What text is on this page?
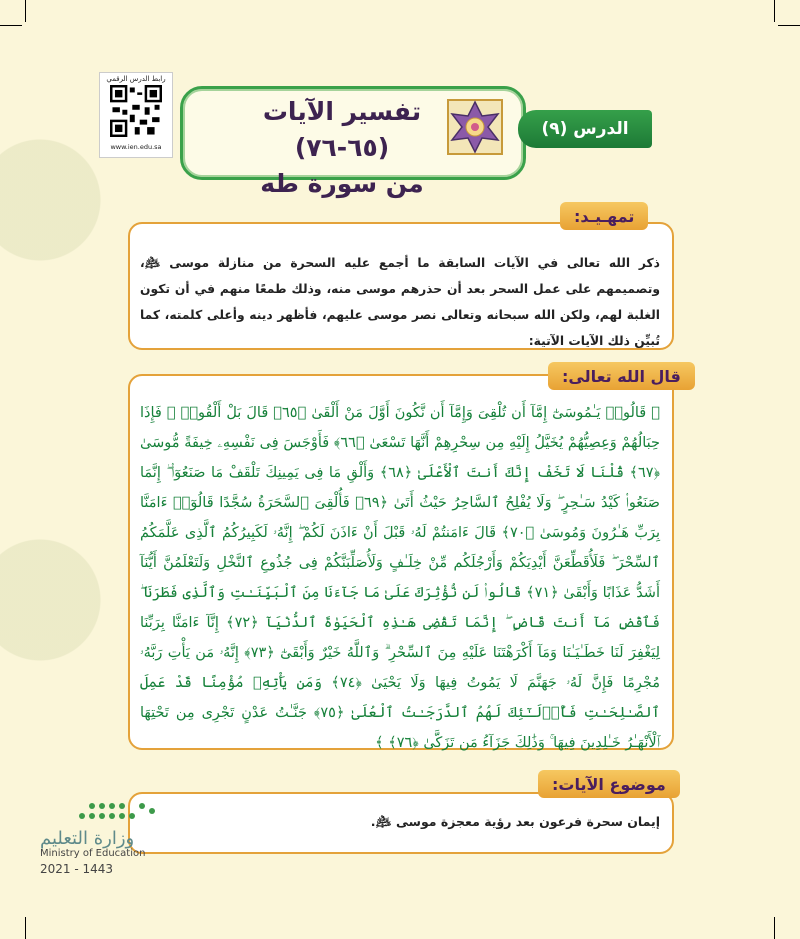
رابط الدرس الرقمي
www.ien.edu.sa
تفسير الآيات (٦٥-٧٦)
من سورة طه
الدرس (٩)
تمهـيـد:
ذكر الله تعالى في الآيات السابقة ما أجمع عليه السحرة من منازلة موسى ﵇، وتصميمهم على عمل السحر بعد أن حذرهم موسى منه، وذلك طمعًا منهم في أن تكون الغلبة لهم، ولكن الله سبحانه وتعالى نصر موسى عليهم، فأظهر دينه وأعلى كلمته، كما تُبيِّن ذلك الآيات الآتية:
قال الله تعالى:
﴿ قَالُوا۟ يَـٰمُوسَىٰٓ إِمَّآ أَن تُلْقِىَ وَإِمَّآ أَن نَّكُونَ أَوَّلَ مَنْ أَلْقَىٰ ﴿٦٥﴾ قَالَ بَلْ أَلْقُوا۟ ۖ فَإِذَا حِبَالُهُمْ وَعِصِيُّهُمْ يُخَيَّلُ إِلَيْهِ مِن سِحْرِهِمْ أَنَّهَا تَسْعَىٰ ﴿٦٦﴾ فَأَوْجَسَ فِى نَفْسِهِۦ خِيفَةً مُّوسَىٰ ﴿٦٧﴾ قُلْنَا لَا تَخَفْ إِنَّكَ أَنتَ ٱلْأَعْلَىٰ ﴿٦٨﴾ وَأَلْقِ مَا فِى يَمِينِكَ تَلْقَفْ مَا صَنَعُوٓا۟ ۖ إِنَّمَا صَنَعُوا۟ كَيْدُ سَـٰحِرٍ ۖ وَلَا يُفْلِحُ ٱلسَّاحِرُ حَيْثُ أَتَىٰ ﴿٦٩﴾ فَأُلْقِىَ ٱلسَّحَرَةُ سُجَّدًا قَالُوٓا۟ ءَامَنَّا بِرَبِّ هَـٰرُونَ وَمُوسَىٰ ﴿٧٠﴾ قَالَ ءَامَنتُمْ لَهُۥ قَبْلَ أَنْ ءَاذَنَ لَكُمْ ۖ إِنَّهُۥ لَكَبِيرُكُمُ ٱلَّذِى عَلَّمَكُمُ ٱلسِّحْرَ ۖ فَلَأُقَطِّعَنَّ أَيْدِيَكُمْ وَأَرْجُلَكُم مِّنْ خِلَـٰفٍ وَلَأُصَلِّبَنَّكُمْ فِى جُذُوعِ ٱلنَّخْلِ وَلَتَعْلَمُنَّ أَيُّنَآ أَشَدُّ عَذَابًا وَأَبْقَىٰ ﴿٧١﴾ قَالُوا۟ لَن نُّؤْثِرَكَ عَلَىٰ مَا جَآءَنَا مِنَ ٱلْبَيِّنَـٰتِ وَٱلَّذِى فَطَرَنَا ۖ فَٱقْضِ مَآ أَنتَ قَاضٍ ۖ إِنَّمَا تَقْضِى هَـٰذِهِ ٱلْحَيَوٰةَ ٱلدُّنْيَآ ﴿٧٢﴾ إِنَّآ ءَامَنَّا بِرَبِّنَا لِيَغْفِرَ لَنَا خَطَـٰيَـٰنَا وَمَآ أَكْرَهْتَنَا عَلَيْهِ مِنَ ٱلسِّحْرِ ۗ وَٱللَّهُ خَيْرٌ وَأَبْقَىٰٓ ﴿٧٣﴾ إِنَّهُۥ مَن يَأْتِ رَبَّهُۥ مُجْرِمًا فَإِنَّ لَهُۥ جَهَنَّمَ لَا يَمُوتُ فِيهَا وَلَا يَحْيَىٰ ﴿٧٤﴾ وَمَن يَأْتِهِۦ مُؤْمِنًا قَدْ عَمِلَ ٱلصَّـٰلِحَـٰتِ فَأُو۟لَـٰٓئِكَ لَهُمُ ٱلدَّرَجَـٰتُ ٱلْعُلَىٰ ﴿٧٥﴾ جَنَّـٰتُ عَدْنٍ تَجْرِى مِن تَحْتِهَا ٱلْأَنْهَـٰرُ خَـٰلِدِينَ فِيهَا ۚ وَذَٰلِكَ جَزَآءُ مَن تَزَكَّىٰ ﴿٧٦﴾ ﴾
موضوع الآيات:
إيمان سحرة فرعون بعد رؤية معجزة موسى ﵇.
وزارة التعليم
Ministry of Education
2021 - 1443
